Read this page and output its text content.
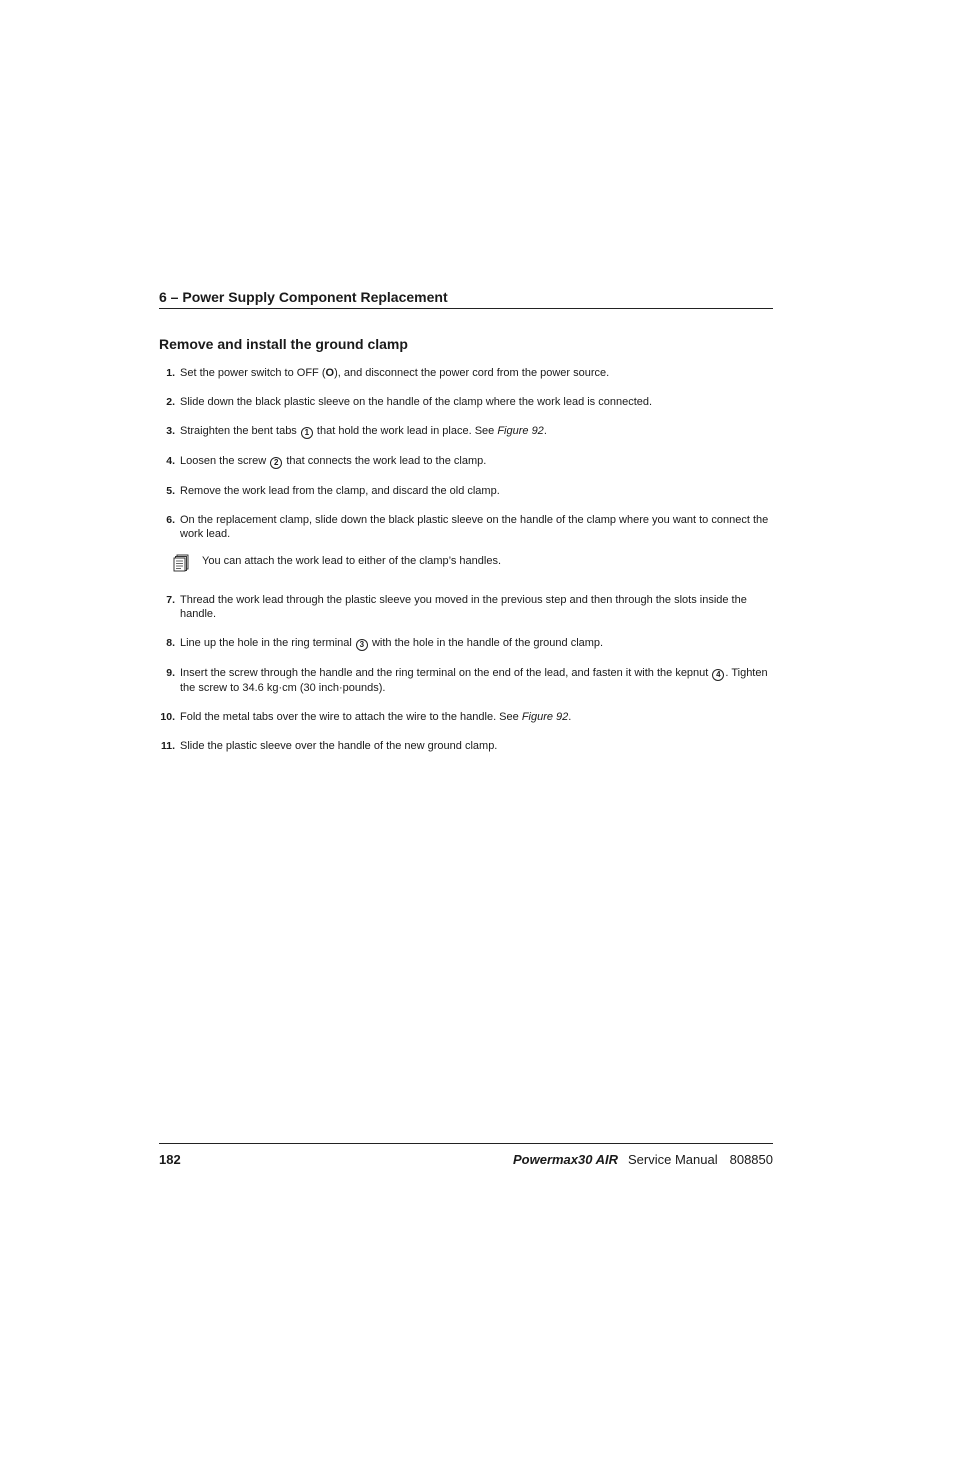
6 – Power Supply Component Replacement
Remove and install the ground clamp
1. Set the power switch to OFF (O), and disconnect the power cord from the power source.
2. Slide down the black plastic sleeve on the handle of the clamp where the work lead is connected.
3. Straighten the bent tabs 1 that hold the work lead in place. See Figure 92.
4. Loosen the screw 2 that connects the work lead to the clamp.
5. Remove the work lead from the clamp, and discard the old clamp.
6. On the replacement clamp, slide down the black plastic sleeve on the handle of the clamp where you want to connect the work lead.
You can attach the work lead to either of the clamp’s handles.
7. Thread the work lead through the plastic sleeve you moved in the previous step and then through the slots inside the handle.
8. Line up the hole in the ring terminal 3 with the hole in the handle of the ground clamp.
9. Insert the screw through the handle and the ring terminal on the end of the lead, and fasten it with the kepnut 4 . Tighten the screw to 34.6 kg·cm (30 inch·pounds).
10. Fold the metal tabs over the wire to attach the wire to the handle. See Figure 92.
11. Slide the plastic sleeve over the handle of the new ground clamp.
182	Powermax30 AIR Service Manual 808850
